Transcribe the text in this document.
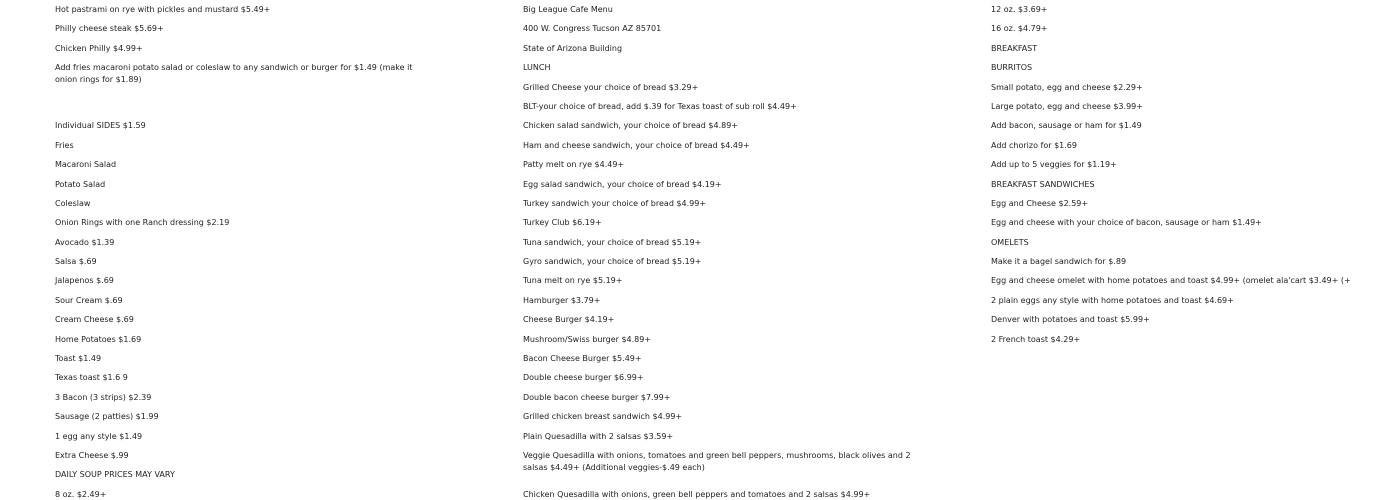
Hot pastrami on rye with pickles and mustard $5.49+
Philly cheese steak $5.69+
Chicken Philly $4.99+
Add fries macaroni potato salad or coleslaw to any sandwich or burger for $1.49 (make it onion rings for $1.89)
Individual SIDES $1.59
Fries
Macaroni Salad
Potato Salad
Coleslaw
Onion Rings with one Ranch dressing $2.19
Avocado $1.39
Salsa $.69
Jalapenos $.69
Sour Cream $.69
Cream Cheese $.69
Home Potatoes $1.69
Toast $1.49
Texas toast $1.6 9
3 Bacon (3 strips) $2.39
Sausage (2 patties) $1.99
1 egg any style $1.49
Extra Cheese $.99
DAILY SOUP PRICES MAY VARY
8 oz. $2.49+
Big League Cafe Menu
400 W. Congress Tucson AZ 85701
State of Arizona Building
LUNCH
Grilled Cheese your choice of bread $3.29+
BLT-your choice of bread, add $.39 for Texas toast of sub roll $4.49+
Chicken salad sandwich, your choice of bread $4.89+
Ham and cheese sandwich, your choice of bread $4.49+
Patty melt on rye $4.49+
Egg salad sandwich, your choice of bread $4.19+
Turkey sandwich your choice of bread $4.99+
Turkey Club $6.19+
Tuna sandwich, your choice of bread $5.19+
Gyro sandwich, your choice of bread $5.19+
Tuna melt on rye $5.19+
Hamburger $3.79+
Cheese Burger $4.19+
Mushroom/Swiss burger $4.89+
Bacon Cheese Burger $5.49+
Double cheese burger $6.99+
Double bacon cheese burger $7.99+
Grilled chicken breast sandwich $4.99+
Plain Quesadilla with 2 salsas $3.59+
Veggie Quesadilla with onions, tomatoes and green bell peppers, mushrooms, black olives and 2 salsas $4.49+ (Additional veggies-$.49 each)
Chicken Quesadilla with onions, green bell peppers and tomatoes and 2 salsas $4.99+
12 oz. $3.69+
16 oz. $4.79+
BREAKFAST
BURRITOS
Small potato, egg and cheese $2.29+
Large potato, egg and cheese $3.99+
Add bacon, sausage or ham for $1.49
Add chorizo for $1.69
Add up to 5 veggies for $1.19+
BREAKFAST SANDWICHES
Egg and Cheese $2.59+
Egg and cheese with your choice of bacon, sausage or ham $1.49+
OMELETS
Make it a bagel sandwich for $.89
Egg and cheese omelet with home potatoes and toast $4.99+ (omelet ala'cart $3.49+ (+
2 plain eggs any style with home potatoes and toast $4.69+
Denver with potatoes and toast $5.99+
2 French toast $4.29+
